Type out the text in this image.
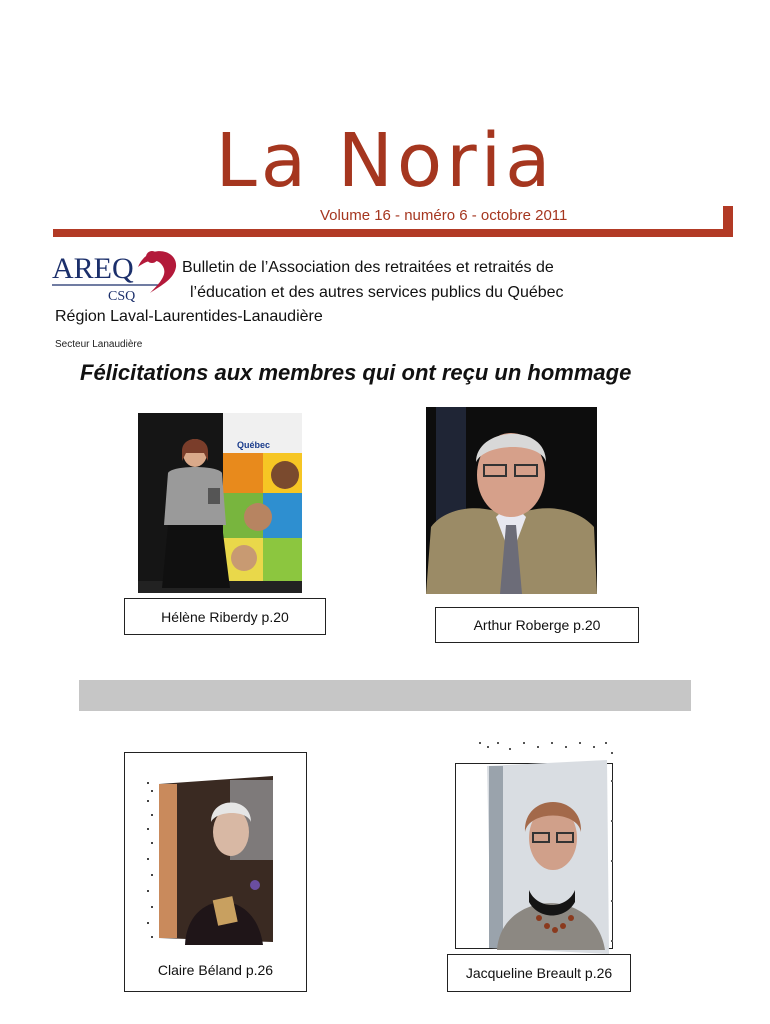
La Noria
Volume 16 - numéro 6 - octobre 2011
AREQ
CSQ
Bulletin de l’Association des retraitées et retraités de
l’éducation et des autres services publics du Québec
Région Laval-Laurentides-Lanaudière
Secteur Lanaudière
Félicitations aux membres qui ont reçu un hommage
Québec
Hélène Riberdy p.20
Arthur Roberge p.20
Claire Béland p.26	Jacqueline Breault p.26
